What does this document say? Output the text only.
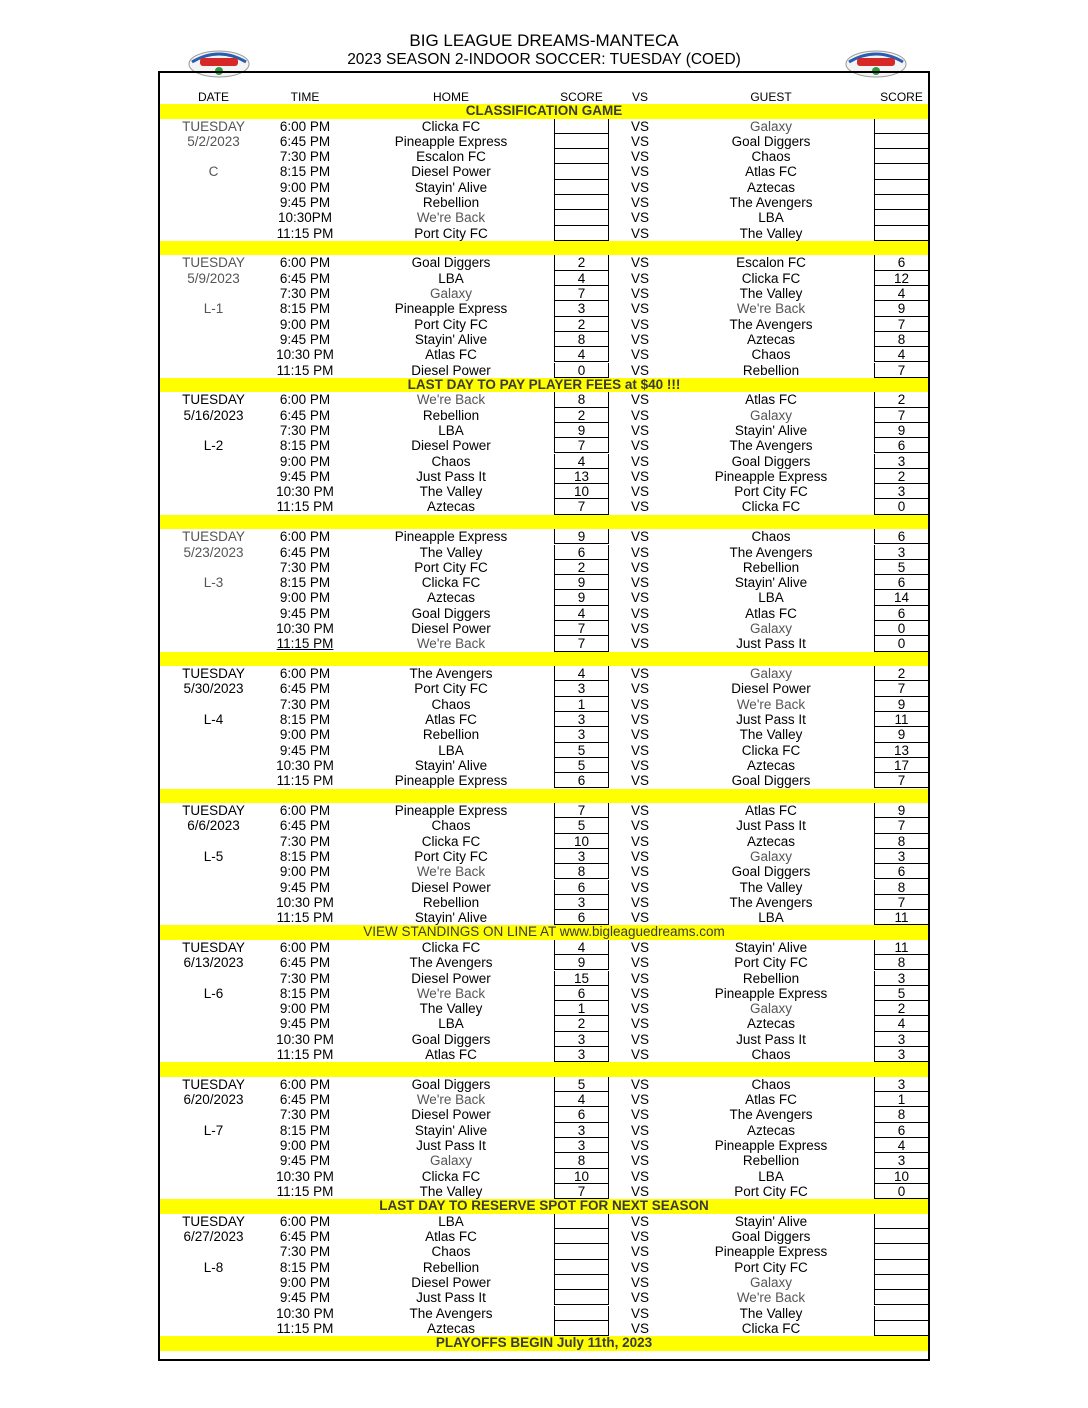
BIG LEAGUE DREAMS-MANTECA
2023 SEASON 2-INDOOR SOCCER: TUESDAY (COED)
DATE	TIME	HOME	SCORE	VS	GUEST	SCORE
CLASSIFICATION GAME
TUESDAY	6:00 PM	Clicka FC	VS	Galaxy
5/2/2023	6:45 PM	Pineapple Express	VS	Goal Diggers
7:30 PM	Escalon FC	VS	Chaos
C	8:15 PM	Diesel Power	VS	Atlas FC
9:00 PM	Stayin' Alive	VS	Aztecas
9:45 PM	Rebellion	VS	The Avengers
10:30PM	We're Back	VS	LBA
11:15 PM	Port City FC	VS	The Valley
TUESDAY	6:00 PM	Goal Diggers	2	VS	Escalon FC	6
5/9/2023	6:45 PM	LBA	4	VS	Clicka FC	12
7:30 PM	Galaxy	7	VS	The Valley	4
L-1	8:15 PM	Pineapple Express	3	VS	We're Back	9
9:00 PM	Port City FC	2	VS	The Avengers	7
9:45 PM	Stayin' Alive	8	VS	Aztecas	8
10:30 PM	Atlas FC	4	VS	Chaos	4
11:15 PM	Diesel Power	0	VS	Rebellion	7
LAST DAY TO PAY PLAYER FEES at $40 !!!
TUESDAY	6:00 PM	We're Back	8	VS	Atlas FC	2
5/16/2023	6:45 PM	Rebellion	2	VS	Galaxy	7
7:30 PM	LBA	9	VS	Stayin' Alive	9
L-2	8:15 PM	Diesel Power	7	VS	The Avengers	6
9:00 PM	Chaos	4	VS	Goal Diggers	3
9:45 PM	Just Pass It	13	VS	Pineapple Express	2
10:30 PM	The Valley	10	VS	Port City FC	3
11:15 PM	Aztecas	7	VS	Clicka FC	0
TUESDAY	6:00 PM	Pineapple Express	9	VS	Chaos	6
5/23/2023	6:45 PM	The Valley	6	VS	The Avengers	3
7:30 PM	Port City FC	2	VS	Rebellion	5
L-3	8:15 PM	Clicka FC	9	VS	Stayin' Alive	6
9:00 PM	Aztecas	9	VS	LBA	14
9:45 PM	Goal Diggers	4	VS	Atlas FC	6
10:30 PM	Diesel Power	7	VS	Galaxy	0
11:15 PM	We're Back	7	VS	Just Pass It	0
TUESDAY	6:00 PM	The Avengers	4	VS	Galaxy	2
5/30/2023	6:45 PM	Port City FC	3	VS	Diesel Power	7
7:30 PM	Chaos	1	VS	We're Back	9
L-4	8:15 PM	Atlas FC	3	VS	Just Pass It	11
9:00 PM	Rebellion	3	VS	The Valley	9
9:45 PM	LBA	5	VS	Clicka FC	13
10:30 PM	Stayin' Alive	5	VS	Aztecas	17
11:15 PM	Pineapple Express	6	VS	Goal Diggers	7
TUESDAY	6:00 PM	Pineapple Express	7	VS	Atlas FC	9
6/6/2023	6:45 PM	Chaos	5	VS	Just Pass It	7
7:30 PM	Clicka FC	10	VS	Aztecas	8
L-5	8:15 PM	Port City FC	3	VS	Galaxy	3
9:00 PM	We're Back	8	VS	Goal Diggers	6
9:45 PM	Diesel Power	6	VS	The Valley	8
10:30 PM	Rebellion	3	VS	The Avengers	7
11:15 PM	Stayin' Alive	6	VS	LBA	11
VIEW STANDINGS ON LINE AT www.bigleaguedreams.com
TUESDAY	6:00 PM	Clicka FC	4	VS	Stayin' Alive	11
6/13/2023	6:45 PM	The Avengers	9	VS	Port City FC	8
7:30 PM	Diesel Power	15	VS	Rebellion	3
L-6	8:15 PM	We're Back	6	VS	Pineapple Express	5
9:00 PM	The Valley	1	VS	Galaxy	2
9:45 PM	LBA	2	VS	Aztecas	4
10:30 PM	Goal Diggers	3	VS	Just Pass It	3
11:15 PM	Atlas FC	3	VS	Chaos	3
TUESDAY	6:00 PM	Goal Diggers	5	VS	Chaos	3
6/20/2023	6:45 PM	We're Back	4	VS	Atlas FC	1
7:30 PM	Diesel Power	6	VS	The Avengers	8
L-7	8:15 PM	Stayin' Alive	3	VS	Aztecas	6
9:00 PM	Just Pass It	3	VS	Pineapple Express	4
9:45 PM	Galaxy	8	VS	Rebellion	3
10:30 PM	Clicka FC	10	VS	LBA	10
11:15 PM	The Valley	7	VS	Port City FC	0
LAST DAY TO RESERVE SPOT FOR NEXT SEASON
TUESDAY	6:00 PM	LBA	VS	Stayin' Alive
6/27/2023	6:45 PM	Atlas FC	VS	Goal Diggers
7:30 PM	Chaos	VS	Pineapple Express
L-8	8:15 PM	Rebellion	VS	Port City FC
9:00 PM	Diesel Power	VS	Galaxy
9:45 PM	Just Pass It	VS	We're Back
10:30 PM	The Avengers	VS	The Valley
11:15 PM	Aztecas	VS	Clicka FC
PLAYOFFS BEGIN July 11th, 2023
